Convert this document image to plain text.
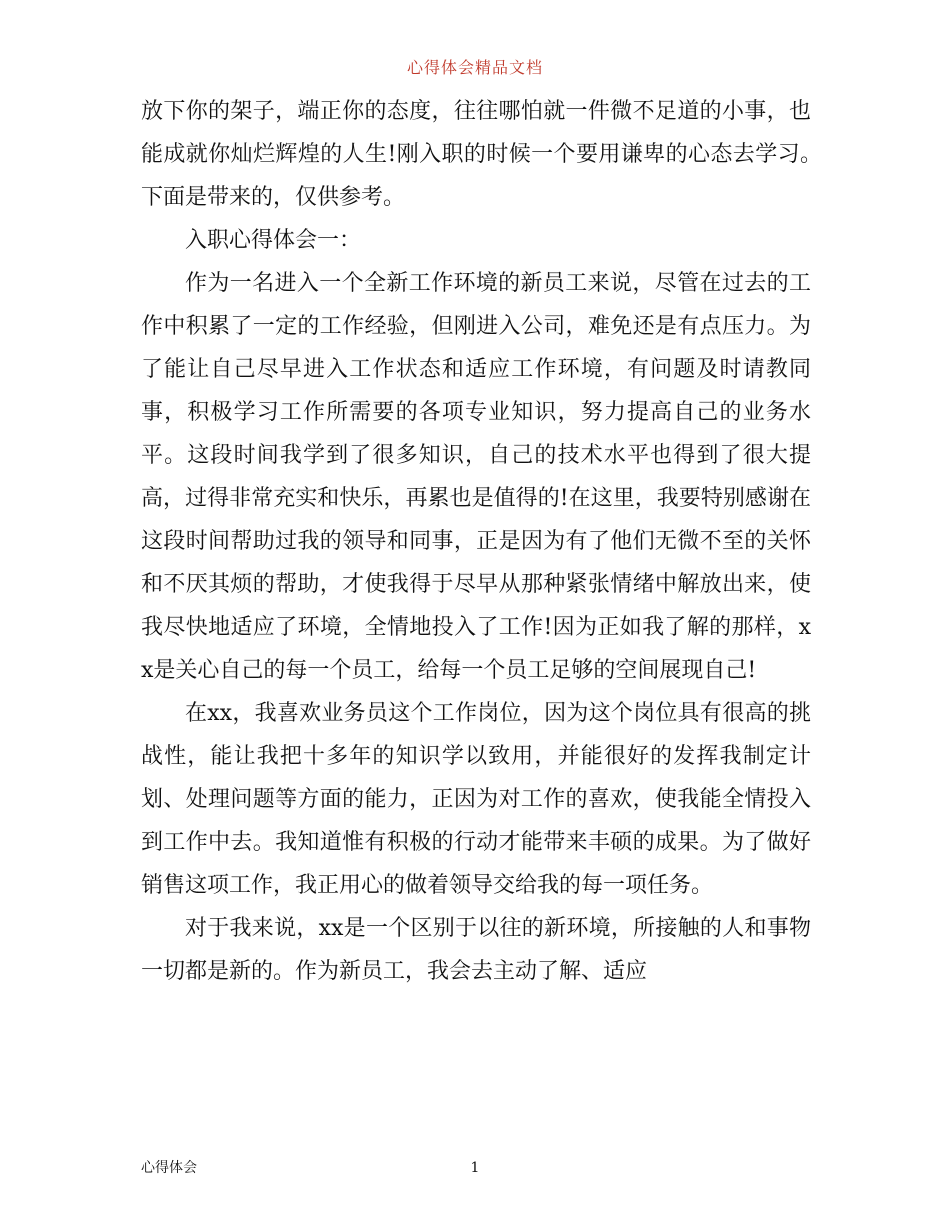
心得体会精品文档

放下你的架子，端正你的态度，往往哪怕就一件微不足道的小事，也能成就你灿烂辉煌的人生!刚入职的时候一个要用谦卑的心态去学习。　下面是带来的，仅供参考。

入职心得体会一：

作为一名进入一个全新工作环境的新员工来说，尽管在过去的工作中积累了一定的工作经验，但刚进入公司，难免还是有点压力。为了能让自己尽早进入工作状态和适应工作环境，有问题及时请教同事，积极学习工作所需要的各项专业知识，努力提高自己的业务水平。这段时间我学到了很多知识，自己的技术水平也得到了很大提高，过得非常充实和快乐，再累也是值得的!在这里，我要特别感谢在这段时间帮助过我的领导和同事，正是因为有了他们无微不至的关怀和不厌其烦的帮助，才使我得于尽早从那种紧张情绪中解放出来，使我尽快地适应了环境，全情地投入了工作!因为正如我了解的那样，xx是关心自己的每一个员工，给每一个员工足够的空间展现自己!

在xx，我喜欢业务员这个工作岗位，因为这个岗位具有很高的挑战性，能让我把十多年的知识学以致用，并能很好的发挥我制定计划、处理问题等方面的能力，正因为对工作的喜欢，使我能全情投入到工作中去。我知道惟有积极的行动才能带来丰硕的成果。为了做好销售这项工作，我正用心的做着领导交给我的每一项任务。

对于我来说，xx是一个区别于以往的新环境，所接触的人和事物一切都是新的。作为新员工，我会去主动了解、适应

心得体会	1
